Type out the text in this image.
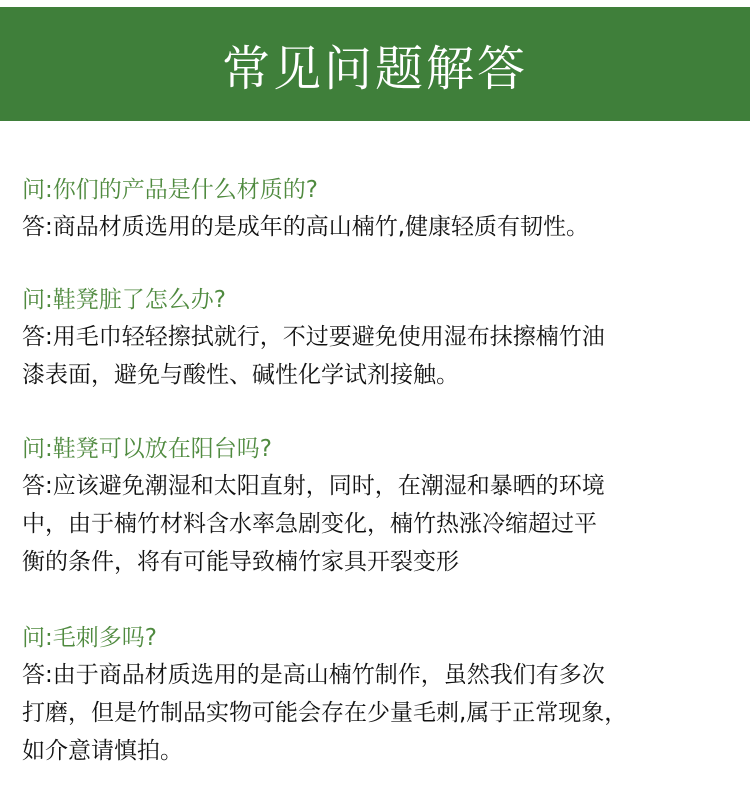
常见问题解答
问:你们的产品是什么材质的?
答:商品材质选用的是成年的高山楠竹,健康轻质有韧性。
问:鞋凳脏了怎么办?
答:用毛巾轻轻擦拭就行，不过要避免使用湿布抹擦楠竹油
漆表面，避免与酸性、碱性化学试剂接触。
问:鞋凳可以放在阳台吗?
答:应该避免潮湿和太阳直射，同时，在潮湿和暴晒的环境
中，由于楠竹材料含水率急剧变化，楠竹热涨冷缩超过平
衡的条件，将有可能导致楠竹家具开裂变形
问:毛刺多吗?
答:由于商品材质选用的是高山楠竹制作，虽然我们有多次
打磨，但是竹制品实物可能会存在少量毛刺,属于正常现象，
如介意请慎拍。
